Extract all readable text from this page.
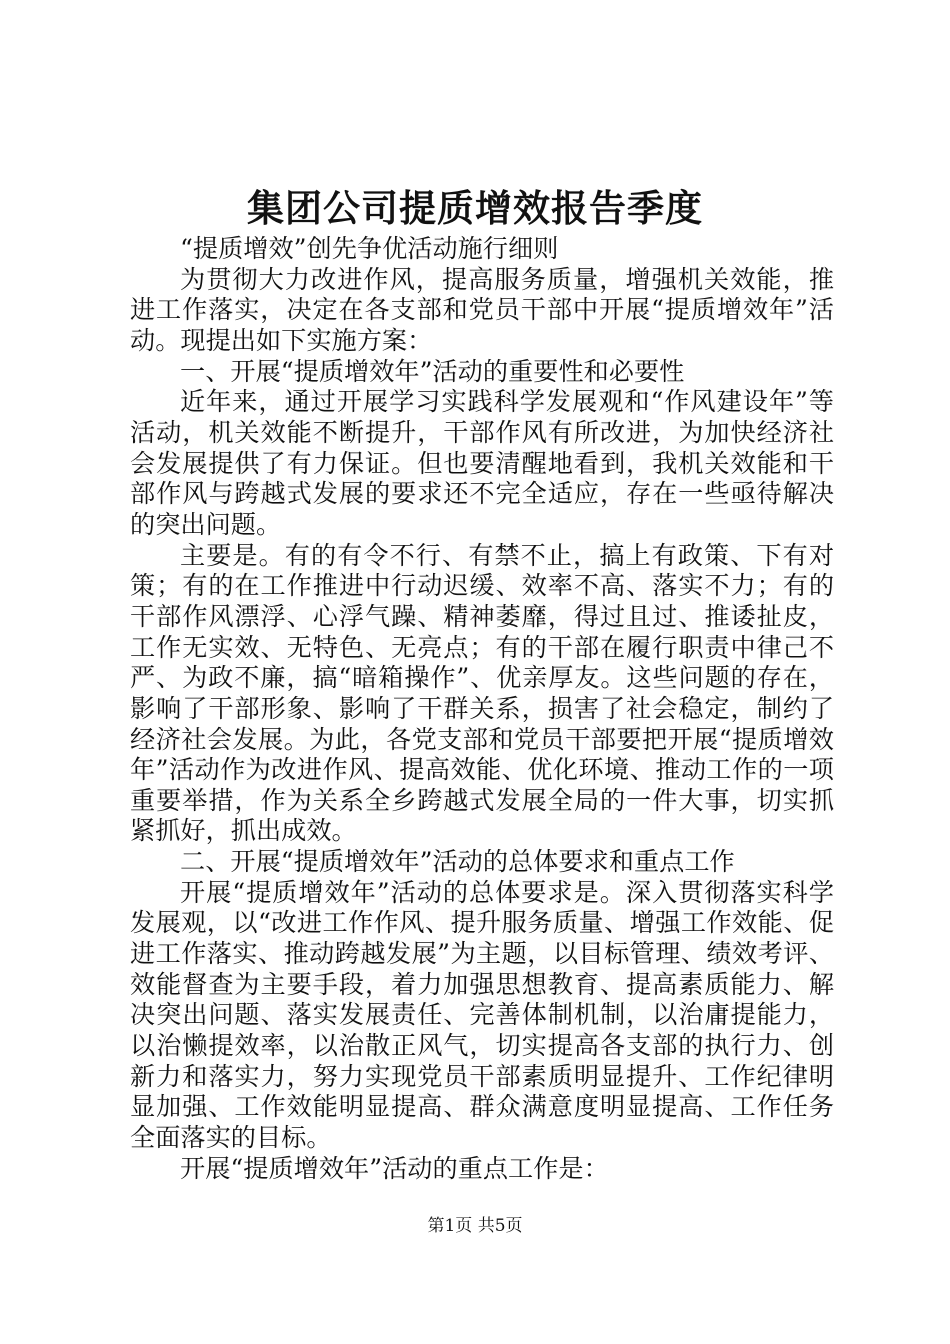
集团公司提质增效报告季度

“提质增效”创先争优活动施行细则

为贯彻大力改进作风，提高服务质量，增强机关效能，推进工作落实，决定在各支部和党员干部中开展“提质增效年”活动。现提出如下实施方案：

一、开展“提质增效年”活动的重要性和必要性

近年来，通过开展学习实践科学发展观和“作风建设年”等活动，机关效能不断提升，干部作风有所改进，为加快经济社会发展提供了有力保证。但也要清醒地看到，我机关效能和干部作风与跨越式发展的要求还不完全适应，存在一些亟待解决的突出问题。

主要是。有的有令不行、有禁不止，搞上有政策、下有对策；有的在工作推进中行动迟缓、效率不高、落实不力；有的干部作风漂浮、心浮气躁、精神萎靡，得过且过、推诿扯皮，工作无实效、无特色、无亮点；有的干部在履行职责中律己不严、为政不廉，搞“暗箱操作”、优亲厚友。这些问题的存在，影响了干部形象、影响了干群关系，损害了社会稳定，制约了经济社会发展。为此，各党支部和党员干部要把开展“提质增效年”活动作为改进作风、提高效能、优化环境、推动工作的一项重要举措，作为关系全乡跨越式发展全局的一件大事，切实抓紧抓好，抓出成效。

二、开展“提质增效年”活动的总体要求和重点工作

开展“提质增效年”活动的总体要求是。深入贯彻落实科学发展观，以“改进工作作风、提升服务质量、增强工作效能、促进工作落实、推动跨越发展”为主题，以目标管理、绩效考评、效能督查为主要手段，着力加强思想教育、提高素质能力、解决突出问题、落实发展责任、完善体制机制，以治庸提能力，以治懒提效率，以治散正风气，切实提高各支部的执行力、创新力和落实力，努力实现党员干部素质明显提升、工作纪律明显加强、工作效能明显提高、群众满意度明显提高、工作任务全面落实的目标。

开展“提质增效年”活动的重点工作是：

第1页 共5页
